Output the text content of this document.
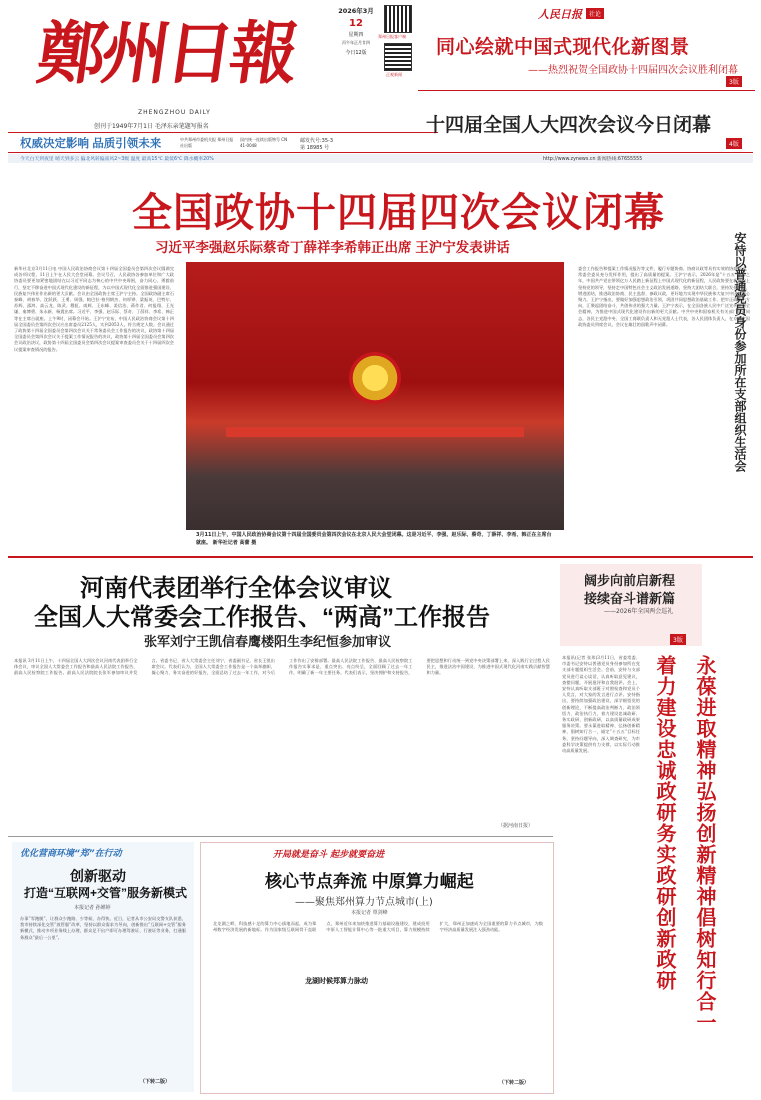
鄭州日報
ZHENGZHOU DAILY
创刊于1949年7月1日 毛泽东亲笔题写报名
权威决定影响 品质引领未来	中共郑州市委机关报 郑州日报社出版
国内统一连续出版物号 CN 41-0048
邮发代号:35-3
第 18985 号
2026年3月
12
星期四
丙午年正月廿四
今日12版
郑州日报客户端
正观新闻
人民日报	社论
同心绘就中国式现代化新图景
——热烈祝贺全国政协十四届四次会议胜利闭幕
3版
十四届全国人大四次会议今日闭幕
4版
今天白天到夜里 晴天到多云 偏北风转偏南风2~3级 温度 最高15℃ 最低6℃ 降水概率20%	http://www.zynews.cn 新闻热线:67655555
全国政协十四届四次会议闭幕
习近平李强赵乐际蔡奇丁薛祥李希韩正出席 王沪宁发表讲话
新华社北京3月11日电 中国人民政治协商会议第十四届全国委员会第四次会议圆满完成各项议程，11日上午在人民大会堂闭幕。会议号召，人民政协各参加单位和广大政协委员要更加紧密地团结在以习近平同志为核心的中共中央周围，奋力同心，勇毅前行，坚定不移奋进中国式现代化建设的新征程，为以中国式现代化全面推进强国建设、民族复兴伟业作出新的更大贡献。会议由全国政协主席王沪宁主持。全国政协副主席石泰峰、胡春华、沈跃跃、王勇、周强、帕巴拉·格列朗杰、何厚铧、梁振英、巴特尔、苏辉、邵鸿、高云龙、陈武、穆虹、咸辉、王东峰、姜信治、蒋作君、何报翔、王光谦、秦博勇、朱永新、杨震出席。习近平、李强、赵乐际、蔡奇、丁薛祥、李希、韩正等在主席台就座。上午9时，闭幕会开始。王沪宁宣布，中国人民政治协商会议第十四届全国委员会第四次会议应出席委员2125人，实到2053人，符合规定人数。会议通过了政协第十四届全国委员会第四次会议关于常务委员会工作报告的决议，政协第十四届全国委员会第四次会议关于提案工作情况报告的决议，政协第十四届全国委员会第四次会议政治决议，政协第十四届全国委员会第四次会议提案审查委员会关于十四届四次会议提案审查情况的报告。
3月11日上午，中国人民政治协商会议第十四届全国委员会第四次会议在北京人民大会堂闭幕。这是习近平、李强、赵乐际、蔡奇、丁薛祥、李希、韩正在主席台就座。 新华社记者 高蕾 摄
委会工作报告和提案工作情况报告等文件，履行专题协商、协商议政等具有实效的协商活动，常委会委员充分发挥作用，提出了高质量的提案。王沪宁表示，2026年是"十五五"开局之年，中国共产党在带领亿万人民踏上新征程上中国式现代化的新征程，人民政协要在新征程上坚持党的领导，坚持走中国特色社会主义政治发展道路，坚持大团结大联合，坚持发扬民主、增进团结，推进政治协商、民主监督、参政议政，更好地为实现中华民族伟大复兴中国梦凝心聚力。王沪宁指出，要做好加强思想政治引领，巩固共同思想政治基础工作，把牢正确政治方向，汇聚起团结奋斗、共创伟业的强大力量。王沪宁表示，在全国各族人民中广泛宣传贯彻全会精神，为推进中国式现代化建设作出新的更大贡献。中共中央和国家机关有关部门负责同志，各民主党派中央、全国工商联负责人和无党派人士代表，各人民团体负责人，在京的全国政协委员列席会议。会议在雄壮的国歌声中闭幕。
河南代表团举行全体会议审议
全国人大常委会工作报告、“两高”工作报告
张军刘宁王凯信春鹰楼阳生李纪恒参加审议
本报讯 3月11日上午，十四届全国人大四次会议河南代表团举行全体会议，审议全国人大常委会工作报告和最高人民法院工作报告、最高人民检察院工作报告。最高人民法院院长张军参加审议并发言。省委书记、省人大常委会主任刘宁，省委副书记、省长王凯出席会议。代表们认为，全国人大常委会工作报告是一个高举旗帜、凝心聚力、务实奋进的好报告，全面总结了过去一年工作，对今后工作作出了安排部署。最高人民法院工作报告、最高人民检察院工作报告实事求是、重点突出、亮点纷呈，全面回顾了过去一年工作，明确了新一年主要任务。代表们表示，坚决拥护和支持报告，要把思想和行动统一到党中央决策部署上来，深入践行全过程人民民主，推进法治中国建设，为推进中国式现代化河南实践贡献智慧和力量。
（据河南日报）
阔步向前启新程
接续奋斗谱新篇
——2026年全国两会巡礼
3版
本报讯(记者 张玮)3月11日，省委常委、市委书记安恃以普通党员身份参加所在党支部专题组织生活会。会前，安恃与支部党员进行谈心谈话，认真听取意见建议，查摆问题，开展批评和自我批评。会上，安恃认真听取支部班子对照检查和党员个人发言，对大家的发言进行点评。安恃指出，要持续加强政治建设，深学细悟党的创新理论，不断提高政治判断力、政治领悟力、政治执行力，着力建设忠诚政研、务实政研、创新政研，以高质量政研成果服务决策。要永葆进取精神、弘扬创新精神、倡树知行合一，锚定“十五五”目标任务，坚持问题导向，深入调查研究，为市委科学决策提供有力支撑，以实际行动推动高质量发展。
安恃以普通党员身份参加所在支部组织生活会
永葆进取精神弘扬创新精神倡树知行合一
着力建设忠诚政研务实政研创新政研
优化营商环境“郑”在行动
创新驱动
打造“互联网+交管”服务新模式
本报记者 孙婵婷
办事“零跑腿”、让群众少跑路、少等候、办得快。近日，记者从市公安局交警支队获悉，我市持续深化交管“放管服”改革，坚持以群众需求为导向，创新推出“互联网+交管”服务新模式，推动多项业务线上办理，群众足不出户即可办理驾驶证、行驶证等业务，打通服务群众“最后一公里”。
（下转二版）
开局就是奋斗 起步就要奋进
核心节点奔流 中原算力崛起
——聚焦郑州算力节点城市(上)
本报记者 覃剑峰
北龙湖之畔，科技感十足的算力中心拔地而起，成为郑州数字经济发展的新地标。作为国家级互联网骨干直联点，郑州近年来加快推进算力基础设施建设，建成投用中原人工智能计算中心等一批重大项目，算力规模持续扩大，郑州正加速成为全国重要的算力节点城市，为数字经济高质量发展注入强劲动能。
龙湖时候郑算力脉动
（下转二版）
